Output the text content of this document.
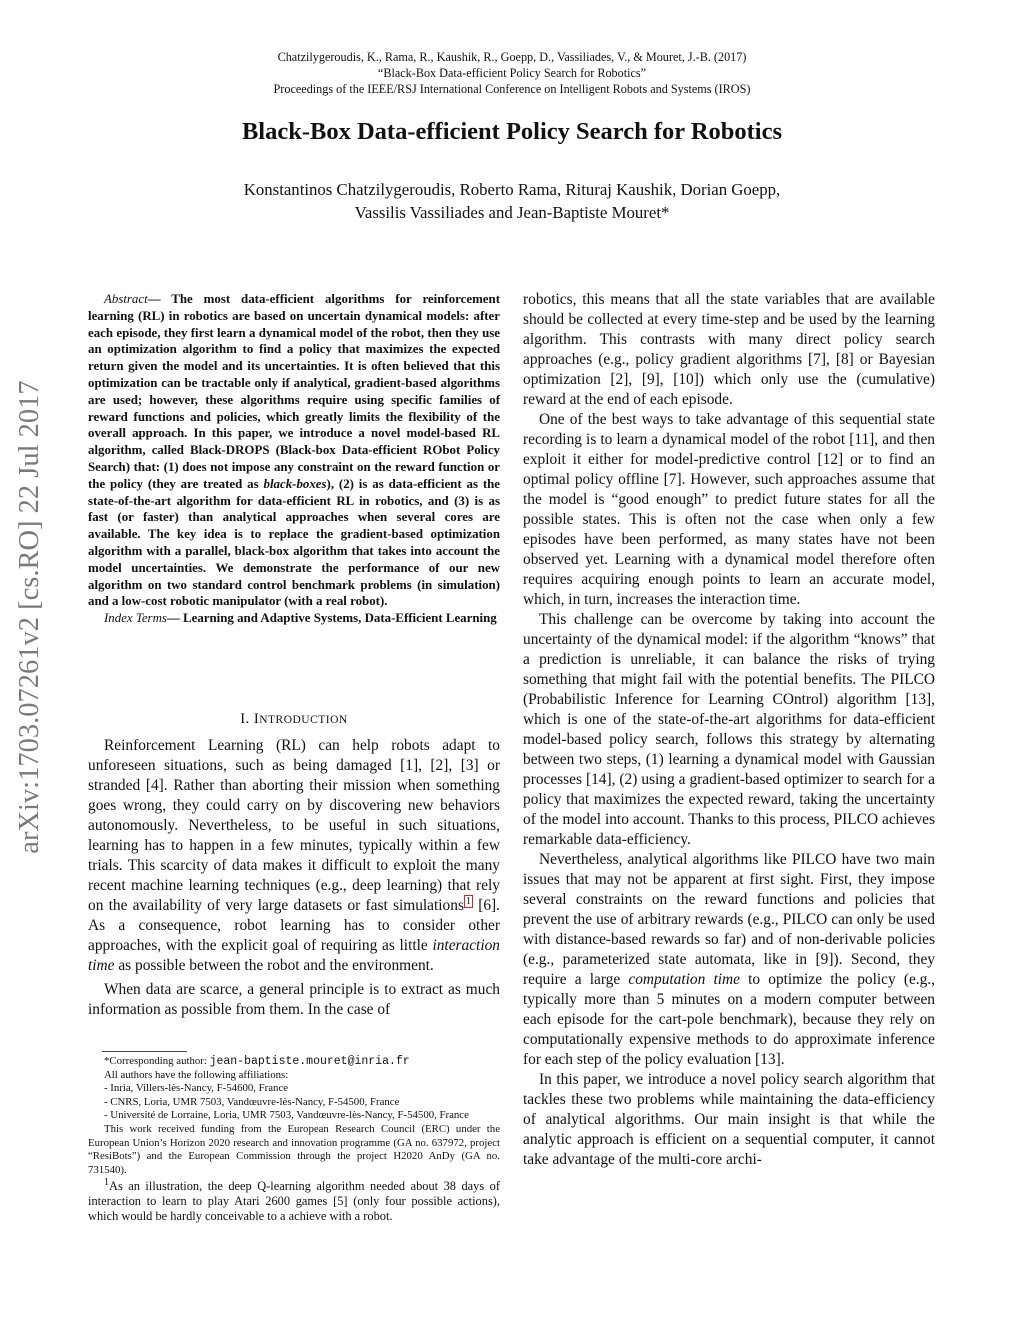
Chatzilygeroudis, K., Rama, R., Kaushik, R., Goepp, D., Vassiliades, V., & Mouret, J.-B. (2017)
“Black-Box Data-efficient Policy Search for Robotics”
Proceedings of the IEEE/RSJ International Conference on Intelligent Robots and Systems (IROS)
Black-Box Data-efficient Policy Search for Robotics
Konstantinos Chatzilygeroudis, Roberto Rama, Rituraj Kaushik, Dorian Goepp,
Vassilis Vassiliades and Jean-Baptiste Mouret*
arXiv:1703.07261v2 [cs.RO] 22 Jul 2017

Abstract— The most data-efficient algorithms for reinforcement learning (RL) in robotics are based on uncertain dynamical models: after each episode, they first learn a dynamical model of the robot, then they use an optimization algorithm to find a policy that maximizes the expected return given the model and its uncertainties. It is often believed that this optimization can be tractable only if analytical, gradient-based algorithms are used; however, these algorithms require using specific families of reward functions and policies, which greatly limits the flexibility of the overall approach. In this paper, we introduce a novel model-based RL algorithm, called Black-DROPS (Black-box Data-efficient RObot Policy Search) that: (1) does not impose any constraint on the reward function or the policy (they are treated as black-boxes), (2) is as data-efficient as the state-of-the-art algorithm for data-efficient RL in robotics, and (3) is as fast (or faster) than analytical approaches when several cores are available. The key idea is to replace the gradient-based optimization algorithm with a parallel, black-box algorithm that takes into account the model uncertainties. We demonstrate the performance of our new algorithm on two standard control benchmark problems (in simulation) and a low-cost robotic manipulator (with a real robot).

Index Terms— Learning and Adaptive Systems, Data-Efficient Learning

I. INTRODUCTION

Reinforcement Learning (RL) can help robots adapt to unforeseen situations, such as being damaged [1], [2], [3] or stranded [4]. Rather than aborting their mission when something goes wrong, they could carry on by discovering new behaviors autonomously. Nevertheless, to be useful in such situations, learning has to happen in a few minutes, typically within a few trials. This scarcity of data makes it difficult to exploit the many recent machine learning techniques (e.g., deep learning) that rely on the availability of very large datasets or fast simulations $^1$ [6]. As a consequence, robot learning has to consider other approaches, with the explicit goal of requiring as little interaction time as possible between the robot and the environment.

When data are scarce, a general principle is to extract as much information as possible from them. In the case of

*Corresponding author: jean-baptiste.mouret@inria.fr
All authors have the following affiliations:
- Inria, Villers-lès-Nancy, F-54600, France
- CNRS, Loria, UMR 7503, Vandœuvre-lès-Nancy, F-54500, France
- Université de Lorraine, Loria, UMR 7503, Vandœuvre-lès-Nancy, F-54500, France
This work received funding from the European Research Council (ERC) under the European Union’s Horizon 2020 research and innovation programme (GA no. 637972, project “ResiBots”) and the European Commission through the project H2020 AnDy (GA no. 731540).
$^1$As an illustration, the deep Q-learning algorithm needed about 38 days of interaction to learn to play Atari 2600 games [5] (only four possible actions), which would be hardly conceivable to a achieve with a robot.

robotics, this means that all the state variables that are available should be collected at every time-step and be used by the learning algorithm. This contrasts with many direct policy search approaches (e.g., policy gradient algorithms [7], [8] or Bayesian optimization [2], [9], [10]) which only use the (cumulative) reward at the end of each episode.

One of the best ways to take advantage of this sequential state recording is to learn a dynamical model of the robot [11], and then exploit it either for model-predictive control [12] or to find an optimal policy offline [7]. However, such approaches assume that the model is “good enough” to predict future states for all the possible states. This is often not the case when only a few episodes have been performed, as many states have not been observed yet. Learning with a dynamical model therefore often requires acquiring enough points to learn an accurate model, which, in turn, increases the interaction time.

This challenge can be overcome by taking into account the uncertainty of the dynamical model: if the algorithm “knows” that a prediction is unreliable, it can balance the risks of trying something that might fail with the potential benefits. The PILCO (Probabilistic Inference for Learning COntrol) algorithm [13], which is one of the state-of-the-art algorithms for data-efficient model-based policy search, follows this strategy by alternating between two steps, (1) learning a dynamical model with Gaussian processes [14], (2) using a gradient-based optimizer to search for a policy that maximizes the expected reward, taking the uncertainty of the model into account. Thanks to this process, PILCO achieves remarkable data-efficiency.

Nevertheless, analytical algorithms like PILCO have two main issues that may not be apparent at first sight. First, they impose several constraints on the reward functions and policies that prevent the use of arbitrary rewards (e.g., PILCO can only be used with distance-based rewards so far) and of non-derivable policies (e.g., parameterized state automata, like in [9]). Second, they require a large computation time to optimize the policy (e.g., typically more than 5 minutes on a modern computer between each episode for the cart-pole benchmark), because they rely on computationally expensive methods to do approximate inference for each step of the policy evaluation [13].

In this paper, we introduce a novel policy search algorithm that tackles these two problems while maintaining the data-efficiency of analytical algorithms. Our main insight is that while the analytic approach is efficient on a sequential computer, it cannot take advantage of the multi-core archi-
